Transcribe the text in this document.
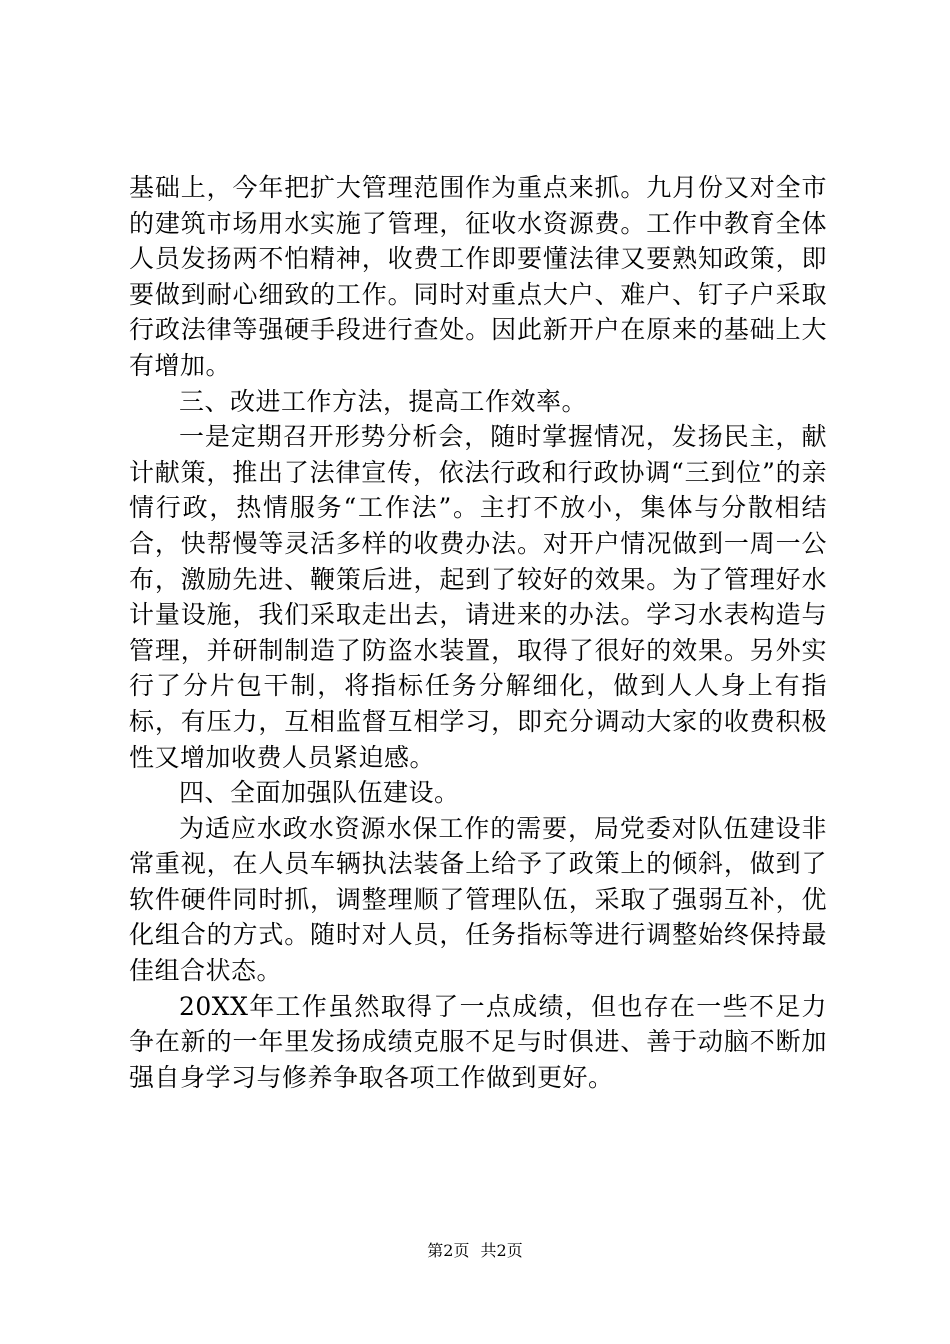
基础上，今年把扩大管理范围作为重点来抓。九月份又对全市的建筑市场用水实施了管理，征收水资源费。工作中教育全体人员发扬两不怕精神，收费工作即要懂法律又要熟知政策，即要做到耐心细致的工作。同时对重点大户、难户、钉子户采取行政法律等强硬手段进行查处。因此新开户在原来的基础上大有增加。

三、改进工作方法，提高工作效率。

一是定期召开形势分析会，随时掌握情况，发扬民主，献计献策，推出了法律宣传，依法行政和行政协调“三到位”的亲情行政，热情服务“工作法”。主打不放小，集体与分散相结合，快帮慢等灵活多样的收费办法。对开户情况做到一周一公布，激励先进、鞭策后进，起到了较好的效果。为了管理好水计量设施，我们采取走出去，请进来的办法。学习水表构造与管理，并研制制造了防盗水装置，取得了很好的效果。另外实行了分片包干制，将指标任务分解细化，做到人人身上有指标，有压力，互相监督互相学习，即充分调动大家的收费积极性又增加收费人员紧迫感。

四、全面加强队伍建设。

为适应水政水资源水保工作的需要，局党委对队伍建设非常重视，在人员车辆执法装备上给予了政策上的倾斜，做到了软件硬件同时抓，调整理顺了管理队伍，采取了强弱互补，优化组合的方式。随时对人员，任务指标等进行调整始终保持最佳组合状态。

20XX年工作虽然取得了一点成绩，但也存在一些不足力争在新的一年里发扬成绩克服不足与时俱进、善于动脑不断加强自身学习与修养争取各项工作做到更好。

第2页 共2页
